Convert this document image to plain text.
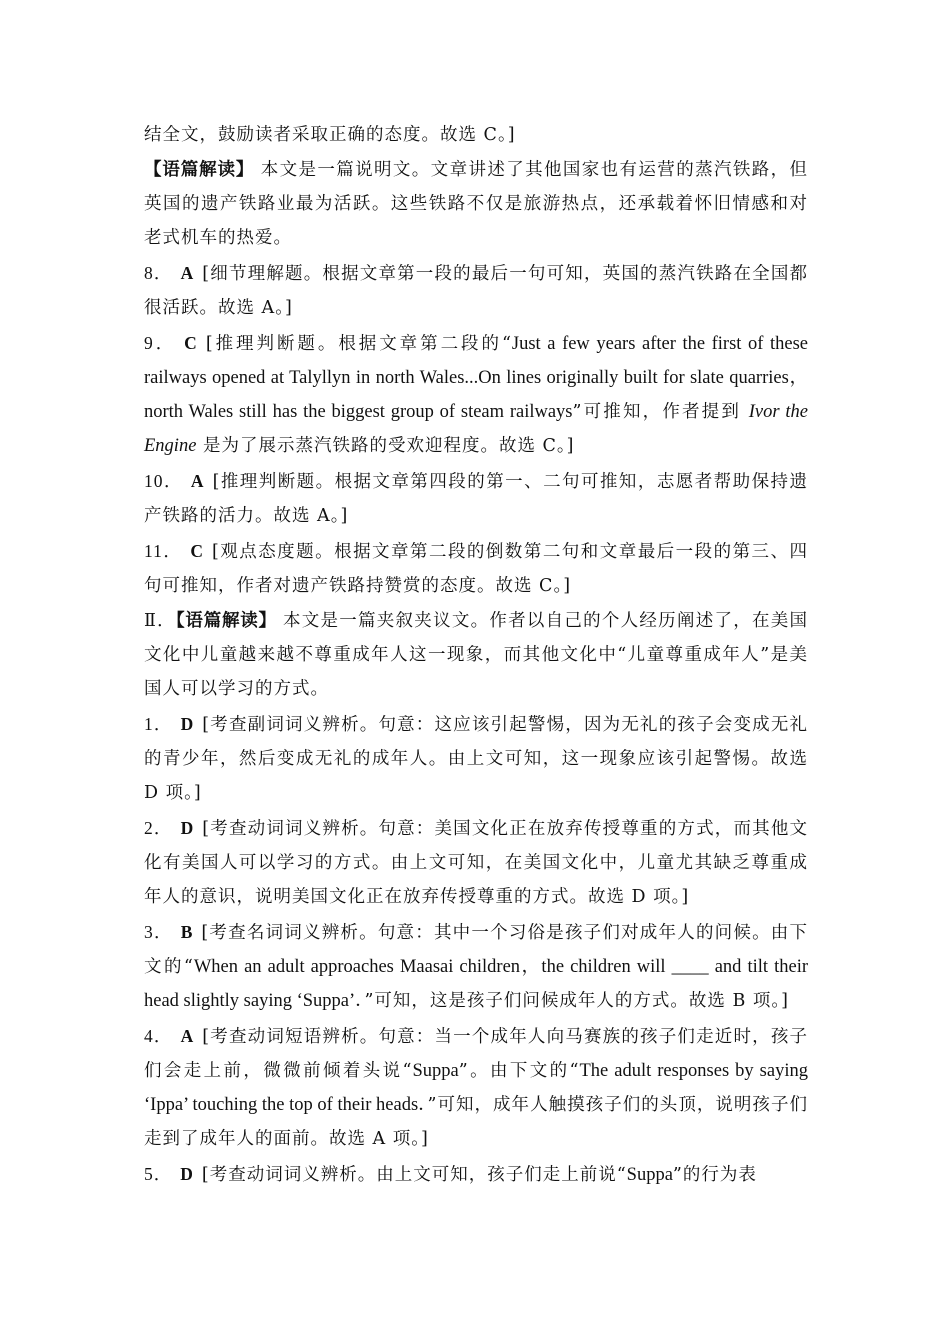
结全文，鼓励读者采取正确的态度。故选 C。]

【语篇解读】 本文是一篇说明文。文章讲述了其他国家也有运营的蒸汽铁路，但英国的遗产铁路业最为活跃。这些铁路不仅是旅游热点，还承载着怀旧情感和对老式机车的热爱。

8． A [细节理解题。根据文章第一段的最后一句可知，英国的蒸汽铁路在全国都很活跃。故选 A。]

9． C [推理判断题。根据文章第二段的“Just a few years after the first of these railways opened at Talyllyn in north Wales...On lines originally built for slate quarries，north Wales still has the biggest group of steam railways”可推知，作者提到 Ivor the Engine 是为了展示蒸汽铁路的受欢迎程度。故选 C。]

10． A [推理判断题。根据文章第四段的第一、二句可推知，志愿者帮助保持遗产铁路的活力。故选 A。]

11． C [观点态度题。根据文章第二段的倒数第二句和文章最后一段的第三、四句可推知，作者对遗产铁路持赞赏的态度。故选 C。]

Ⅱ．【语篇解读】 本文是一篇夹叙夹议文。作者以自己的个人经历阐述了，在美国文化中儿童越来越不尊重成年人这一现象，而其他文化中“儿童尊重成年人”是美国人可以学习的方式。

1． D [考查副词词义辨析。句意：这应该引起警惕，因为无礼的孩子会变成无礼的青少年，然后变成无礼的成年人。由上文可知，这一现象应该引起警惕。故选 D 项。]

2． D [考查动词词义辨析。句意：美国文化正在放弃传授尊重的方式，而其他文化有美国人可以学习的方式。由上文可知，在美国文化中，儿童尤其缺乏尊重成年人的意识，说明美国文化正在放弃传授尊重的方式。故选 D 项。]

3． B [考查名词词义辨析。句意：其中一个习俗是孩子们对成年人的问候。由下文的“When an adult approaches Maasai children，the children will ____ and tilt their head slightly saying ‘Suppa’．”可知，这是孩子们问候成年人的方式。故选 B 项。]

4． A [考查动词短语辨析。句意：当一个成年人向马赛族的孩子们走近时，孩子们会走上前，微微前倾着头说“Suppa”。由下文的“The adult responses by saying ‘Ippa’ touching the top of their heads．”可知，成年人触摸孩子们的头顶，说明孩子们走到了成年人的面前。故选 A 项。]

5． D [考查动词词义辨析。由上文可知，孩子们走上前说“Suppa”的行为表
